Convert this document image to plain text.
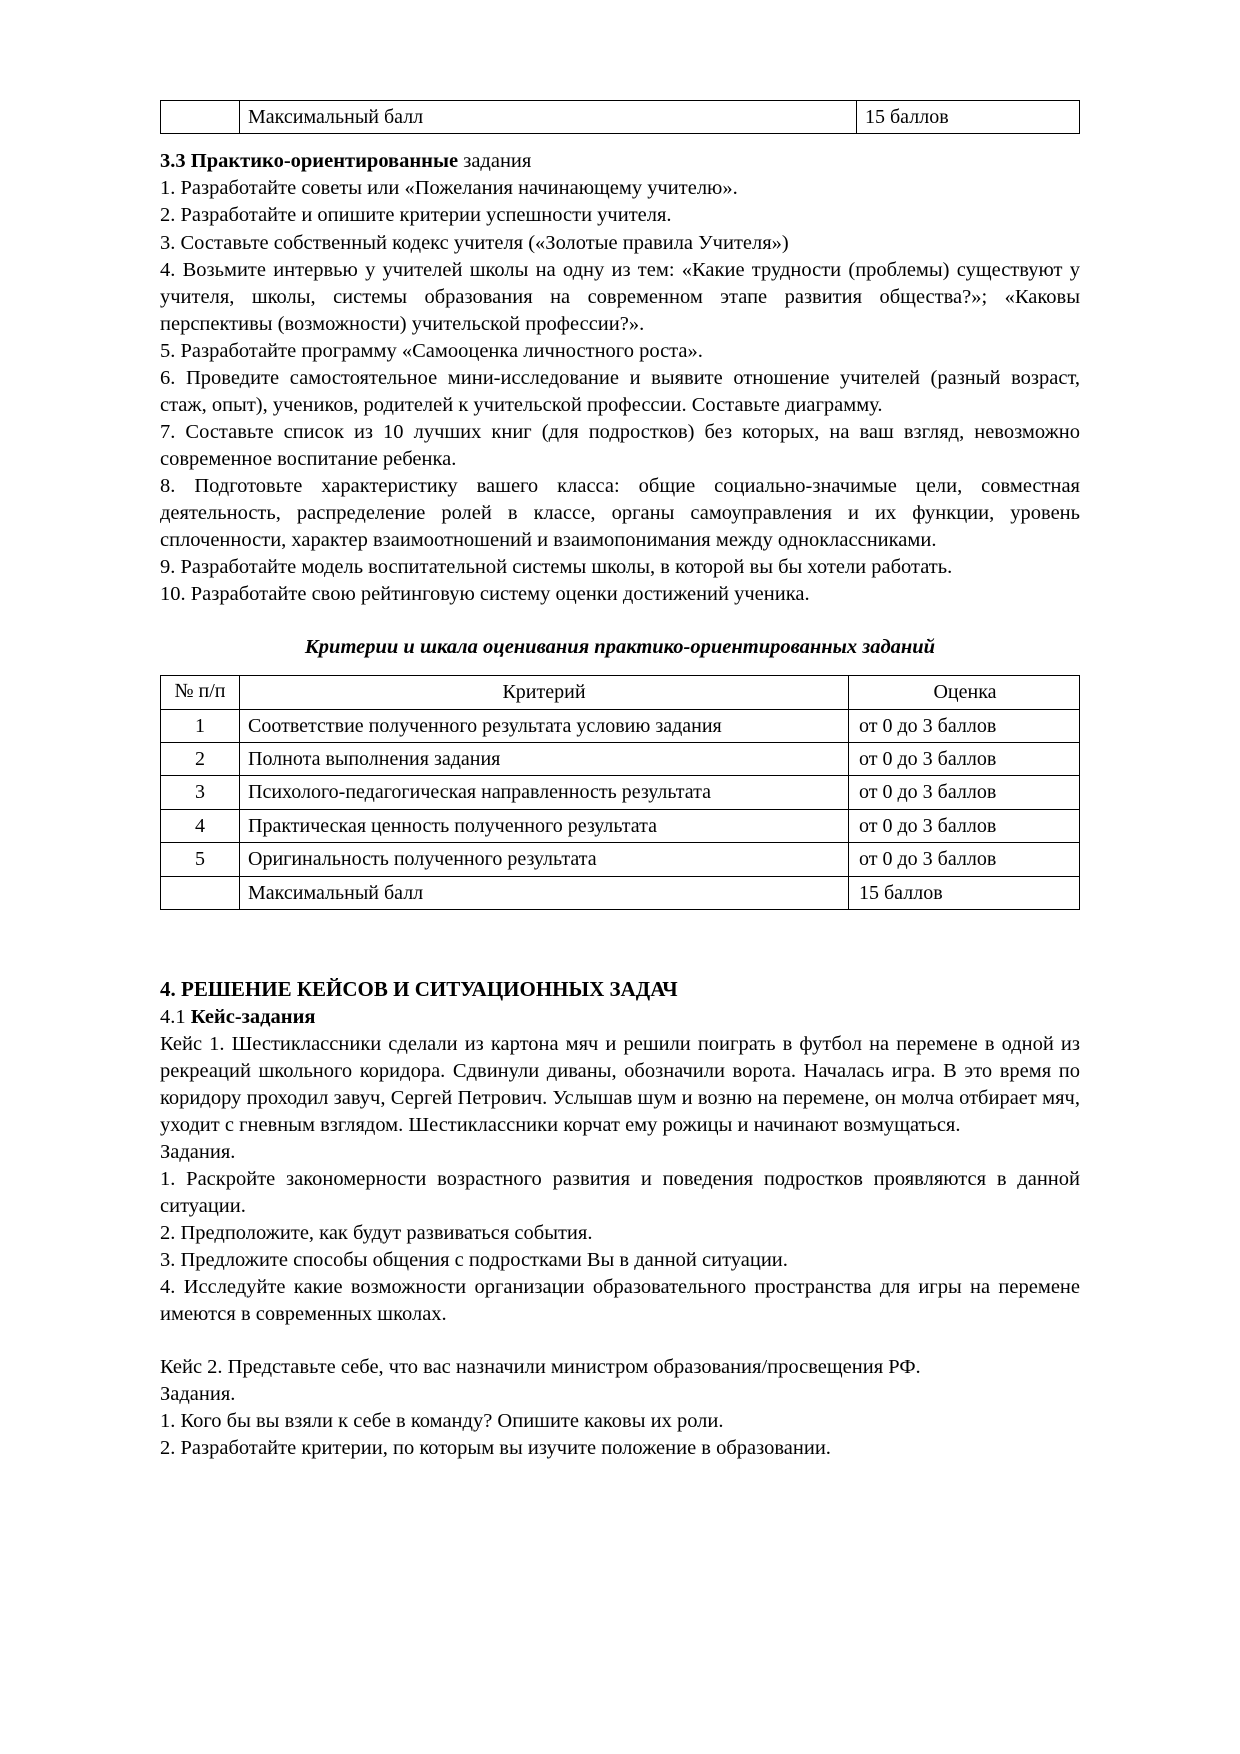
	Максимальный балл	15 баллов

3.3 Практико-ориентированные задания

1. Разработайте советы или «Пожелания начинающему учителю».

2. Разработайте и опишите критерии успешности учителя.

3. Составьте собственный кодекс учителя («Золотые правила Учителя»)

4. Возьмите интервью у учителей школы на одну из тем: «Какие трудности (проблемы) существуют у учителя, школы, системы образования на современном этапе развития общества?»; «Каковы перспективы (возможности) учительской профессии?».

5. Разработайте программу «Самооценка личностного роста».

6. Проведите самостоятельное мини-исследование и выявите отношение учителей (разный возраст, стаж, опыт), учеников, родителей к учительской профессии. Составьте диаграмму.

7. Составьте список из 10 лучших книг (для подростков) без которых, на ваш взгляд, невозможно современное воспитание ребенка.

8. Подготовьте характеристику вашего класса: общие социально-значимые цели, совместная деятельность, распределение ролей в классе, органы самоуправления и их функции, уровень сплоченности, характер взаимоотношений и взаимопонимания между одноклассниками.

9. Разработайте модель воспитательной системы школы, в которой вы бы хотели работать.

10. Разработайте свою рейтинговую систему оценки достижений ученика.

Критерии и шкала оценивания практико-ориентированных заданий

№ п/п	Критерий	Оценка
1	Соответствие полученного результата условию задания	от 0 до 3 баллов
2	Полнота выполнения задания	от 0 до 3 баллов
3	Психолого-педагогическая направленность результата	от 0 до 3 баллов
4	Практическая ценность полученного результата	от 0 до 3 баллов
5	Оригинальность полученного результата	от 0 до 3 баллов
	Максимальный балл	15 баллов

4. РЕШЕНИЕ КЕЙСОВ И СИТУАЦИОННЫХ ЗАДАЧ

4.1 Кейс-задания

Кейс 1. Шестиклассники сделали из картона мяч и решили поиграть в футбол на перемене в одной из рекреаций школьного коридора. Сдвинули диваны, обозначили ворота. Началась игра. В это время по коридору проходил завуч, Сергей Петрович. Услышав шум и возню на перемене, он молча отбирает мяч, уходит с гневным взглядом. Шестиклассники корчат ему рожицы и начинают возмущаться.

Задания.

1. Раскройте закономерности возрастного развития и поведения подростков проявляются в данной ситуации.

2. Предположите, как будут развиваться события.

3. Предложите способы общения с подростками Вы в данной ситуации.

4. Исследуйте какие возможности организации образовательного пространства для игры на перемене имеются в современных школах.

Кейс 2. Представьте себе, что вас назначили министром образования/просвещения РФ.

Задания.

1. Кого бы вы взяли к себе в команду? Опишите каковы их роли.

2. Разработайте критерии, по которым вы изучите положение в образовании.
